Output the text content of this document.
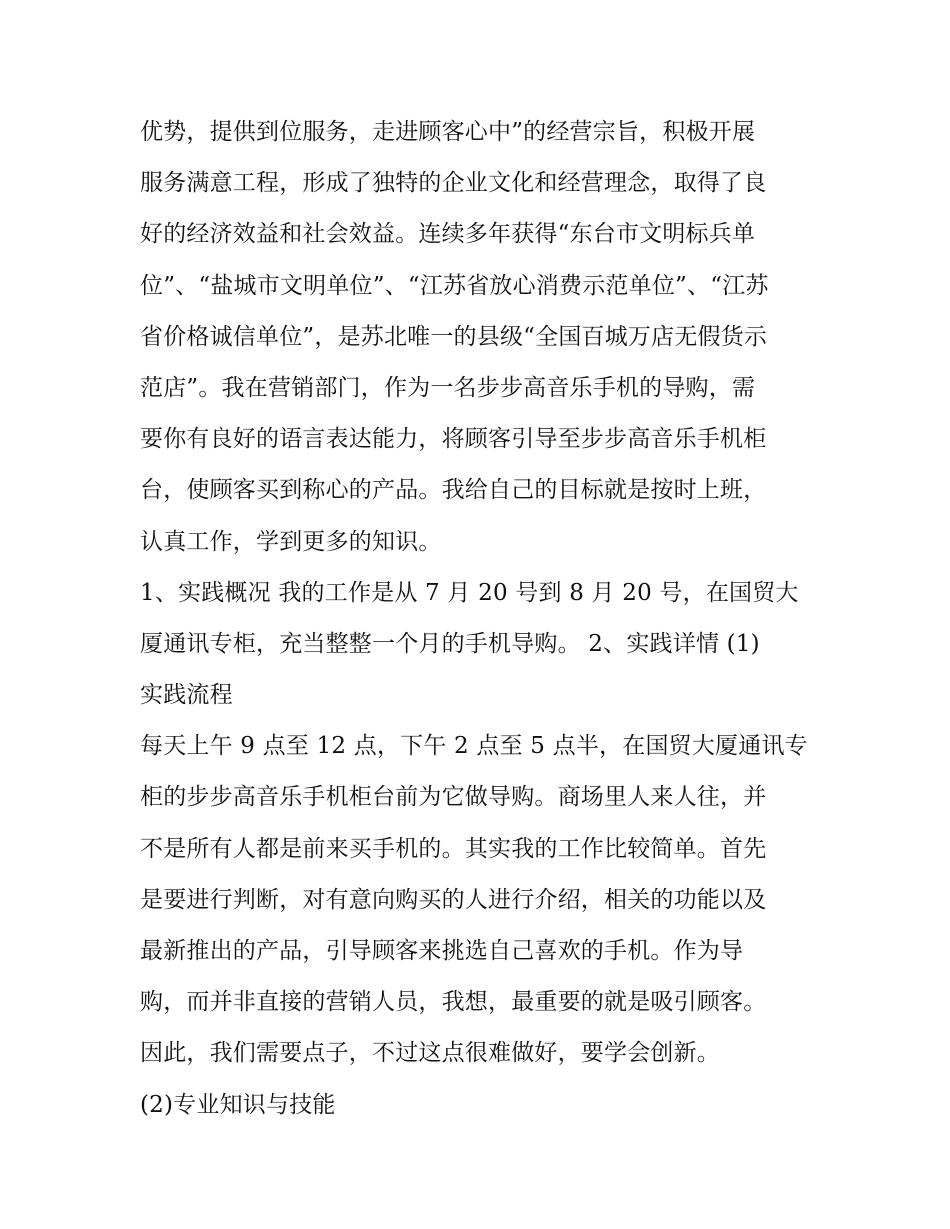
优势，提供到位服务，走进顾客心中”的经营宗旨，积极开展
服务满意工程，形成了独特的企业文化和经营理念，取得了良
好的经济效益和社会效益。连续多年获得“东台市文明标兵单
位”、“盐城市文明单位”、“江苏省放心消费示范单位”、“江苏
省价格诚信单位”，是苏北唯一的县级“全国百城万店无假货示
范店”。我在营销部门，作为一名步步高音乐手机的导购，需
要你有良好的语言表达能力，将顾客引导至步步高音乐手机柜
台，使顾客买到称心的产品。我给自己的目标就是按时上班，
认真工作，学到更多的知识。
1、实践概况 我的工作是从 7 月 20 号到 8 月 20 号，在国贸大
厦通讯专柜，充当整整一个月的手机导购。 2、实践详情 (1)
实践流程
每天上午 9 点至 12 点，下午 2 点至 5 点半，在国贸大厦通讯专
柜的步步高音乐手机柜台前为它做导购。商场里人来人往，并
不是所有人都是前来买手机的。其实我的工作比较简单。首先
是要进行判断，对有意向购买的人进行介绍，相关的功能以及
最新推出的产品，引导顾客来挑选自己喜欢的手机。作为导
购，而并非直接的营销人员，我想，最重要的就是吸引顾客。
因此，我们需要点子，不过这点很难做好，要学会创新。
(2)专业知识与技能
